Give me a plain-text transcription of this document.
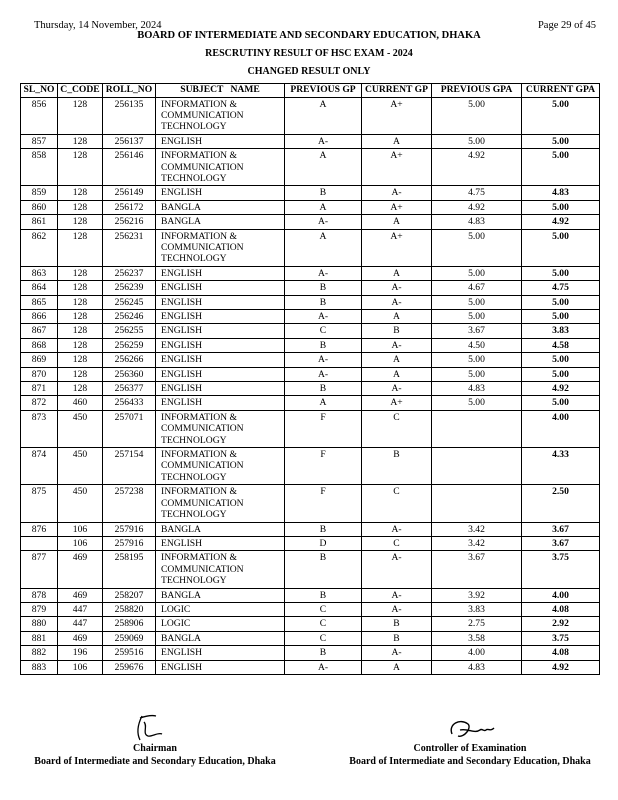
Thursday, 14 November, 2024	Page 29 of 45
BOARD OF INTERMEDIATE AND SECONDARY EDUCATION, DHAKA
RESCRUTINY RESULT OF HSC EXAM - 2024
CHANGED RESULT ONLY
SL_NO	C_CODE	ROLL_NO	SUBJECT   NAME	PREVIOUS GP	CURRENT GP	PREVIOUS GPA	CURRENT GPA
856	128	256135	INFORMATION & COMMUNICATION TECHNOLOGY	A	A+	5.00	5.00
857	128	256137	ENGLISH	A-	A	5.00	5.00
858	128	256146	INFORMATION & COMMUNICATION TECHNOLOGY	A	A+	4.92	5.00
859	128	256149	ENGLISH	B	A-	4.75	4.83
860	128	256172	BANGLA	A	A+	4.92	5.00
861	128	256216	BANGLA	A-	A	4.83	4.92
862	128	256231	INFORMATION & COMMUNICATION TECHNOLOGY	A	A+	5.00	5.00
863	128	256237	ENGLISH	A-	A	5.00	5.00
864	128	256239	ENGLISH	B	A-	4.67	4.75
865	128	256245	ENGLISH	B	A-	5.00	5.00
866	128	256246	ENGLISH	A-	A	5.00	5.00
867	128	256255	ENGLISH	C	B	3.67	3.83
868	128	256259	ENGLISH	B	A-	4.50	4.58
869	128	256266	ENGLISH	A-	A	5.00	5.00
870	128	256360	ENGLISH	A-	A	5.00	5.00
871	128	256377	ENGLISH	B	A-	4.83	4.92
872	460	256433	ENGLISH	A	A+	5.00	5.00
873	450	257071	INFORMATION & COMMUNICATION TECHNOLOGY	F	C		4.00
874	450	257154	INFORMATION & COMMUNICATION TECHNOLOGY	F	B		4.33
875	450	257238	INFORMATION & COMMUNICATION TECHNOLOGY	F	C		2.50
876	106	257916	BANGLA	B	A-	3.42	3.67
	106	257916	ENGLISH	D	C	3.42	3.67
877	469	258195	INFORMATION & COMMUNICATION TECHNOLOGY	B	A-	3.67	3.75
878	469	258207	BANGLA	B	A-	3.92	4.00
879	447	258820	LOGIC	C	A-	3.83	4.08
880	447	258906	LOGIC	C	B	2.75	2.92
881	469	259069	BANGLA	C	B	3.58	3.75
882	196	259516	ENGLISH	B	A-	4.00	4.08
883	106	259676	ENGLISH	A-	A	4.83	4.92
Chairman
Board of Intermediate and Secondary Education, Dhaka
Controller of Examination
Board of Intermediate and Secondary Education, Dhaka
